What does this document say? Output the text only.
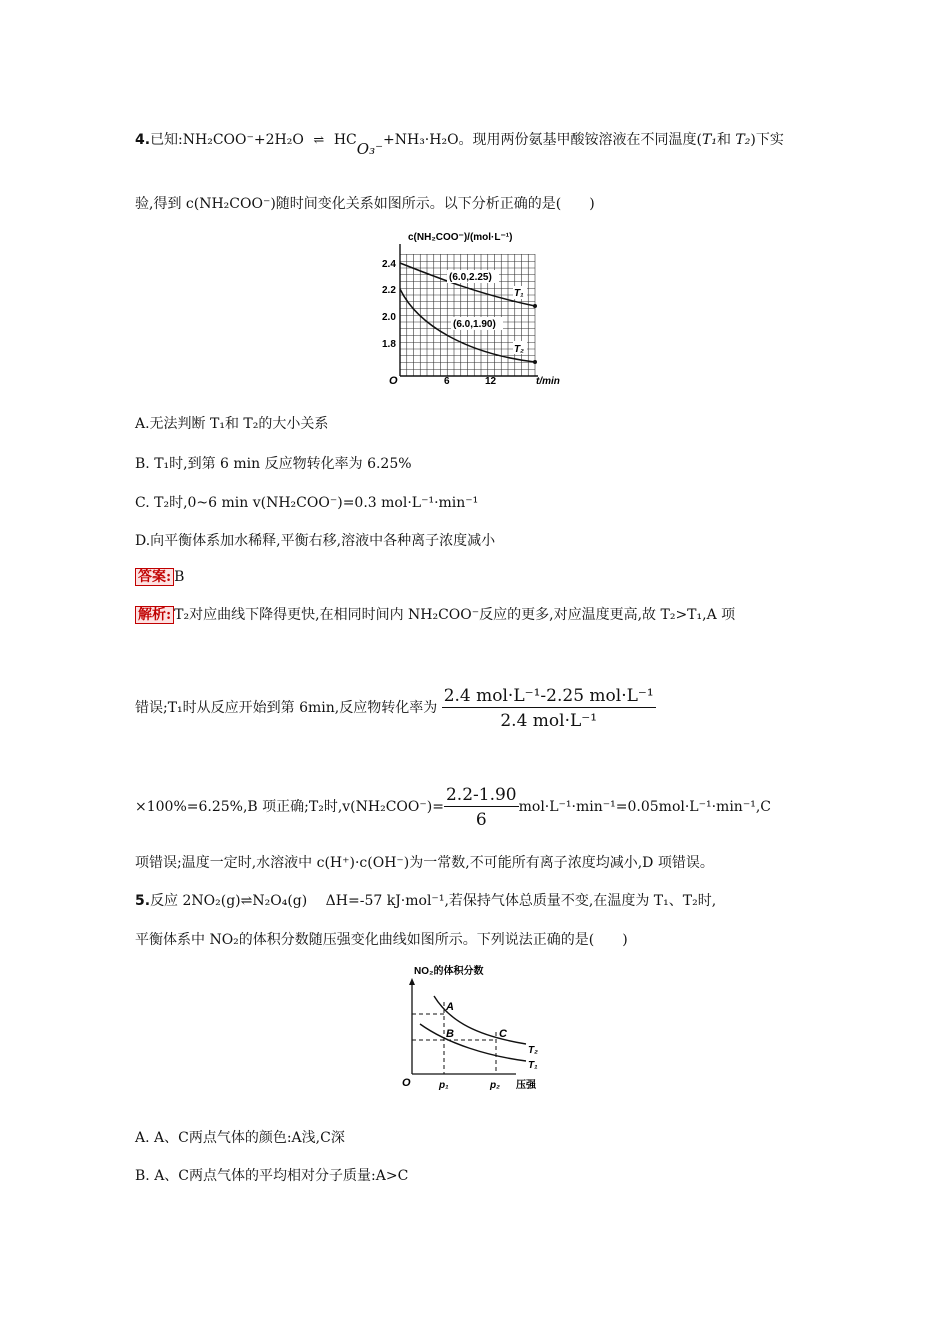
4.已知:NH₂COO⁻+2H₂O ⇌ HCO₃⁻+NH₃·H₂O。现用两份氨基甲酸铵溶液在不同温度(T₁和 T₂)下实
验,得到 c(NH₂COO⁻)随时间变化关系如图所示。以下分析正确的是(　　)
c(NH₂COO⁻)/(mol·L⁻¹)
O
2.4
2.2
2.0
1.8
6	12	t/min
(6.0,2.25)
(6.0,1.90)
T₁
T₂
A.无法判断 T₁和 T₂的大小关系
B. T₁时,到第 6 min 反应物转化率为 6.25%
C. T₂时,0~6 min v(NH₂COO⁻)=0.3 mol·L⁻¹·min⁻¹
D.向平衡体系加水稀释,平衡右移,溶液中各种离子浓度减小
答案: B
解析: T₂对应曲线下降得更快,在相同时间内 NH₂COO⁻反应的更多,对应温度更高,故 T₂>T₁,A 项
错误;T₁时从反应开始到第 6min,反应物转化率为 $\frac{\text{2.4 mol·L⁻¹-2.25 mol·L⁻¹}}{\text{2.4 mol·L⁻¹}}$
×100%=6.25%,B 项正确;T₂时$,v(NH_2COO^-)= \frac{2.2-1.90}{6} mol\cdot L^{-1}\cdot\min^{-1}=0.05mol\cdot L^{-1}\cdot\min^{-1},C$
项错误;温度一定时,水溶液中 c(H⁺)·c(OH⁻)为一常数,不可能所有离子浓度均减小,D 项错误。
5.反应 2NO₂(g)⇌N₂O₄(g)　 ΔH=-57 kJ·mol⁻¹,若保持气体总质量不变,在温度为 T₁、T₂时,
平衡体系中 NO₂的体积分数随压强变化曲线如图所示。下列说法正确的是(　　)
NO₂的体积分数
O
A
B	C
T₂
T₁
p₁	p₂ 压强
A. A、C两点气体的颜色:A浅,C深
B. A、C两点气体的平均相对分子质量:A>C
